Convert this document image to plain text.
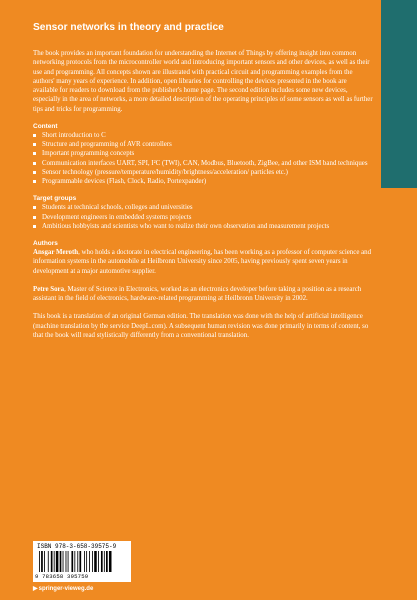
Sensor networks in theory and practice

The book provides an important foundation for understanding the Internet of Things by offering insight into common networking protocols from the microcontroller world and introducing important sensors and other devices, as well as their use and programming. All concepts shown are illustrated with practical circuit and programming examples from the authors' many years of experience. In addition, open libraries for controlling the devices presented in the book are available for readers to download from the publisher's home page. The second edition includes some new devices, especially in the area of networks, a more detailed description of the operating principles of some sensors as well as further tips and tricks for programming.

Content
Short introduction to C
Structure and programming of AVR controllers
Important programming concepts
Communication interfaces UART, SPI, I²C (TWI), CAN, Modbus, Bluetooth, ZigBee, and other ISM band techniques
Sensor technology (pressure/temperature/humidity/brightness/acceleration/ particles etc.)
Programmable devices (Flash, Clock, Radio, Portexpander)
Target groups
Students at technical schools, colleges and universities
Development engineers in embedded systems projects
Ambitious hobbyists and scientists who want to realize their own observation and measurement projects
Authors

Ansgar Meroth, who holds a doctorate in electrical engineering, has been working as a professor of computer science and information systems in the automobile at Heilbronn University since 2005, having previously spent seven years in development at a major automotive supplier.

Petre Sora, Master of Science in Electronics, worked as an electronics developer before taking a position as a research assistant in the field of electronics, hardware-related programming at Heilbronn University in 2002.

This book is a translation of an original German edition. The translation was done with the help of artificial intelligence (machine translation by the service DeepL.com). A subsequent human revision was done primarily in terms of content, so that the book will read stylistically differently from a conventional translation.

ISBN 978-3-658-39575-9
9 783658 395759
▶springer-vieweg.de
